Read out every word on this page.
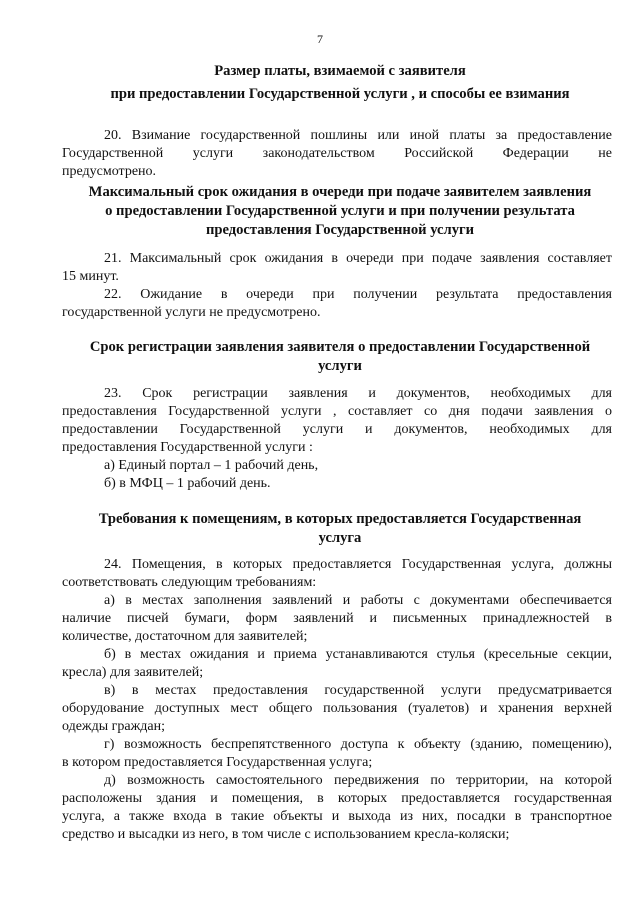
7
Размер платы, взимаемой с заявителя
при предоставлении Государственной услуги , и способы ее взимания
20. Взимание государственной пошлины или иной платы за предоставление
Государственной услуги законодательством Российской Федерации не
предусмотрено.
Максимальный срок ожидания в очереди при подаче заявителем заявления
о предоставлении Государственной услуги и при получении результата
предоставления Государственной услуги
21. Максимальный срок ожидания в очереди при подаче заявления составляет
15 минут.
22. Ожидание в очереди при получении результата предоставления
государственной услуги не предусмотрено.
Срок регистрации заявления заявителя о предоставлении Государственной
услуги
23. Срок регистрации заявления и документов, необходимых для
предоставления Государственной услуги , составляет со дня подачи заявления о
предоставлении Государственной услуги и документов, необходимых для
предоставления Государственной услуги :
а) Единый портал – 1 рабочий день,
б) в МФЦ – 1 рабочий день.
Требования к помещениям, в которых предоставляется Государственная
услуга
24. Помещения, в которых предоставляется Государственная услуга, должны
соответствовать следующим требованиям:
а) в местах заполнения заявлений и работы с документами обеспечивается
наличие писчей бумаги, форм заявлений и письменных принадлежностей в
количестве, достаточном для заявителей;
б) в местах ожидания и приема устанавливаются стулья (кресельные секции,
кресла) для заявителей;
в) в местах предоставления государственной услуги предусматривается
оборудование доступных мест общего пользования (туалетов) и хранения верхней
одежды граждан;
г) возможность беспрепятственного доступа к объекту (зданию, помещению),
в котором предоставляется Государственная услуга;
д) возможность самостоятельного передвижения по территории, на которой
расположены здания и помещения, в которых предоставляется государственная
услуга, а также входа в такие объекты и выхода из них, посадки в транспортное
средство и высадки из него, в том числе с использованием кресла-коляски;
